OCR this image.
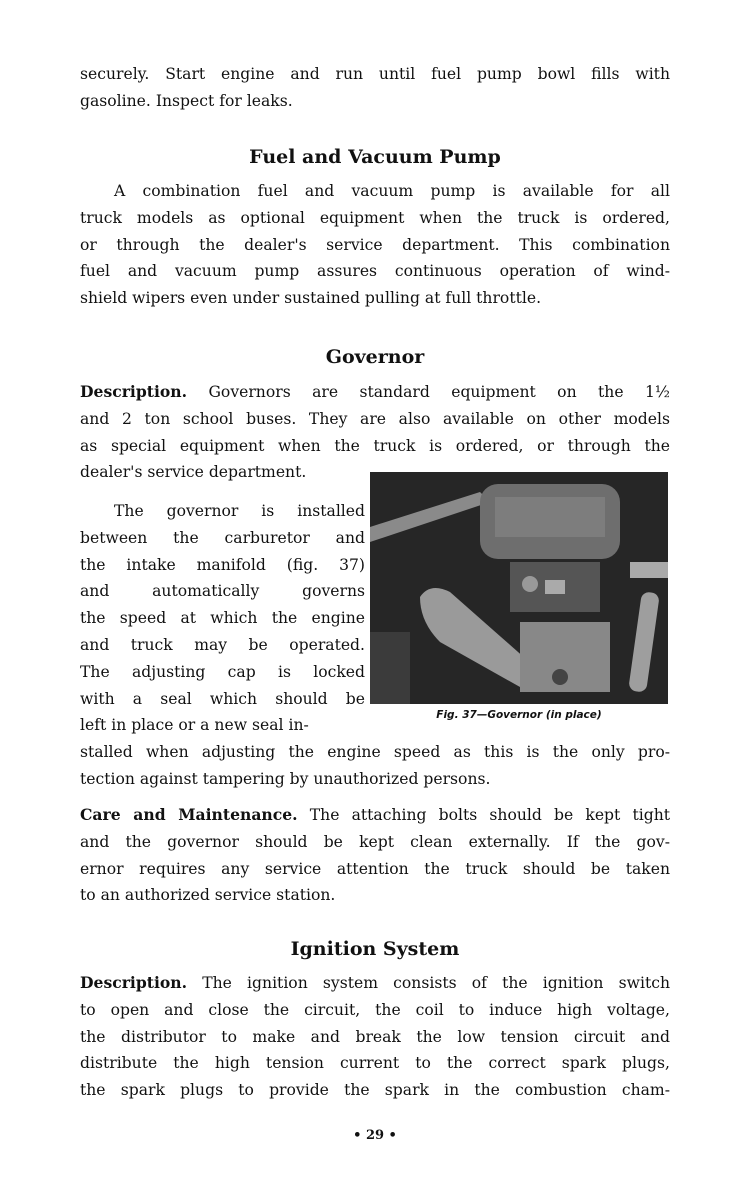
securely. Start engine and run until fuel pump bowl fills with
gasoline. Inspect for leaks.
Fuel and Vacuum Pump
A combination fuel and vacuum pump is available for all
truck models as optional equipment when the truck is ordered,
or through the dealer's service department. This combination
fuel and vacuum pump assures continuous operation of wind-
shield wipers even under sustained pulling at full throttle.
Governor
Description. Governors are standard equipment on the 1½
and 2 ton school buses. They are also available on other models
as special equipment when the truck is ordered, or through the
dealer's service department.
The governor is installed
between the carburetor and
the intake manifold (fig. 37)
and automatically governs
the speed at which the engine
and truck may be operated.
The adjusting cap is locked
with a seal which should be
left in place or a new seal in-
stalled when adjusting the engine speed as this is the only pro-
tection against tampering by unauthorized persons.
Care and Maintenance. The attaching bolts should be kept tight
and the governor should be kept clean externally. If the gov-
ernor requires any service attention the truck should be taken
to an authorized service station.
Ignition System
Description. The ignition system consists of the ignition switch
to open and close the circuit, the coil to induce high voltage,
the distributor to make and break the low tension circuit and
distribute the high tension current to the correct spark plugs,
the spark plugs to provide the spark in the combustion cham-
Fig. 37—Governor (in place)
• 29 •
